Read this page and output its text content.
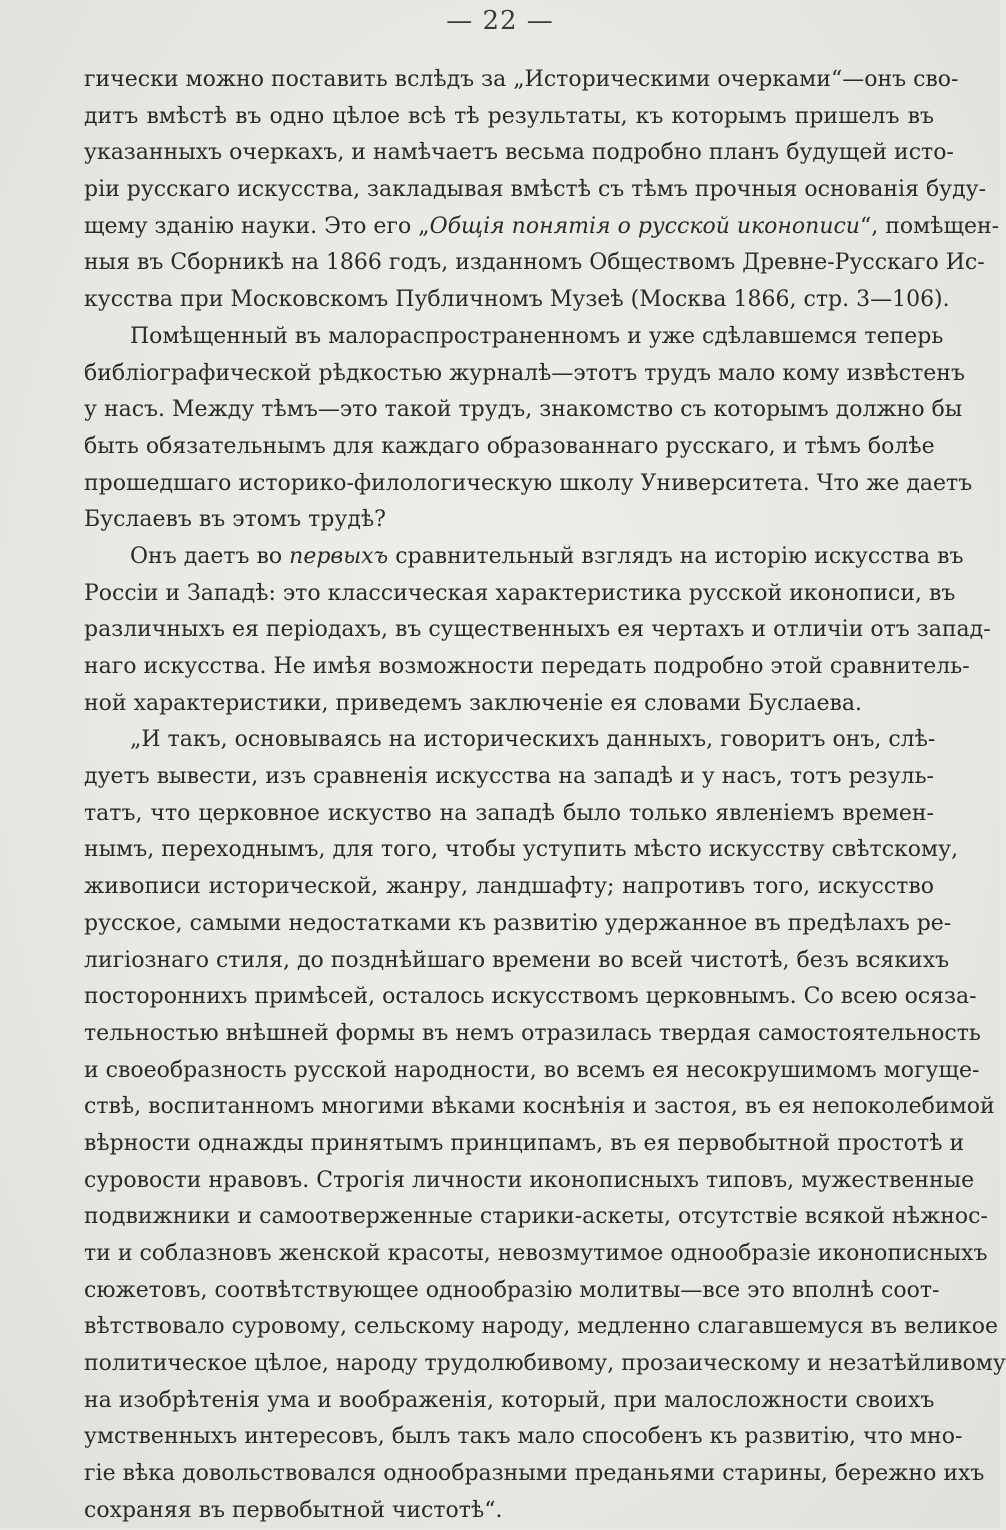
— 22 —
гически можно поставить вслѣдъ за „Историческими очерками“—онъ сво-
дитъ вмѣстѣ въ одно цѣлое всѣ тѣ результаты, къ которымъ пришелъ въ
указанныхъ очеркахъ, и намѣчаетъ весьма подробно планъ будущей исто-
ріи русскаго искусства, закладывая вмѣстѣ съ тѣмъ прочныя основанія буду-
щему зданію науки. Это его „Общія понятія о русской иконописи“, помѣщен-
ныя въ Сборникѣ на 1866 годъ, изданномъ Обществомъ Древне-Русскаго Ис-
кусства при Московскомъ Публичномъ Музеѣ (Москва 1866, стр. 3—106).
Помѣщенный въ малораспространенномъ и уже сдѣлавшемся теперь
библіографической рѣдкостью журналѣ—этотъ трудъ мало кому извѣстенъ
у насъ. Между тѣмъ—это такой трудъ, знакомство съ которымъ должно бы
быть обязательнымъ для каждаго образованнаго русскаго, и тѣмъ болѣе
прошедшаго историко-филологическую школу Университета. Что же даетъ
Буслаевъ въ этомъ трудѣ?
Онъ даетъ во первыхъ сравнительный взглядъ на исторію искусства въ
Россіи и Западѣ: это классическая характеристика русской иконописи, въ
различныхъ ея періодахъ, въ существенныхъ ея чертахъ и отличіи отъ запад-
наго искусства. Не имѣя возможности передать подробно этой сравнитель-
ной характеристики, приведемъ заключеніе ея словами Буслаева.
„И такъ, основываясь на историческихъ данныхъ, говоритъ онъ, слѣ-
дуетъ вывести, изъ сравненія искусства на западѣ и у насъ, тотъ резуль-
татъ, что церковное искуство на западѣ было только явленіемъ времен-
нымъ, переходнымъ, для того, чтобы уступить мѣсто искусству свѣтскому,
живописи исторической, жанру, ландшафту; напротивъ того, искусство
русское, самыми недостатками къ развитію удержанное въ предѣлахъ ре-
лигіознаго стиля, до позднѣйшаго времени во всей чистотѣ, безъ всякихъ
постороннихъ примѣсей, осталось искусствомъ церковнымъ. Со всею осяза-
тельностью внѣшней формы въ немъ отразилась твердая самостоятельность
и своеобразность русской народности, во всемъ ея несокрушимомъ могуще-
ствѣ, воспитанномъ многими вѣками коснѣнія и застоя, въ ея непоколебимой
вѣрности однажды принятымъ принципамъ, въ ея первобытной простотѣ и
суровости нравовъ. Строгія личности иконописныхъ типовъ, мужественные
подвижники и самоотверженные старики-аскеты, отсутствіе всякой нѣжнос-
ти и соблазновъ женской красоты, невозмутимое однообразіе иконописныхъ
сюжетовъ, соотвѣтствующее однообразію молитвы—все это вполнѣ соот-
вѣтствовало суровому, сельскому народу, медленно слагавшемуся въ великое
политическое цѣлое, народу трудолюбивому, прозаическому и незатѣйливому
на изобрѣтенія ума и воображенія, который, при малосложности своихъ
умственныхъ интересовъ, былъ такъ мало способенъ къ развитію, что мно-
гіе вѣка довольствовался однообразными преданьями старины, бережно ихъ
сохраняя въ первобытной чистотѣ“.
